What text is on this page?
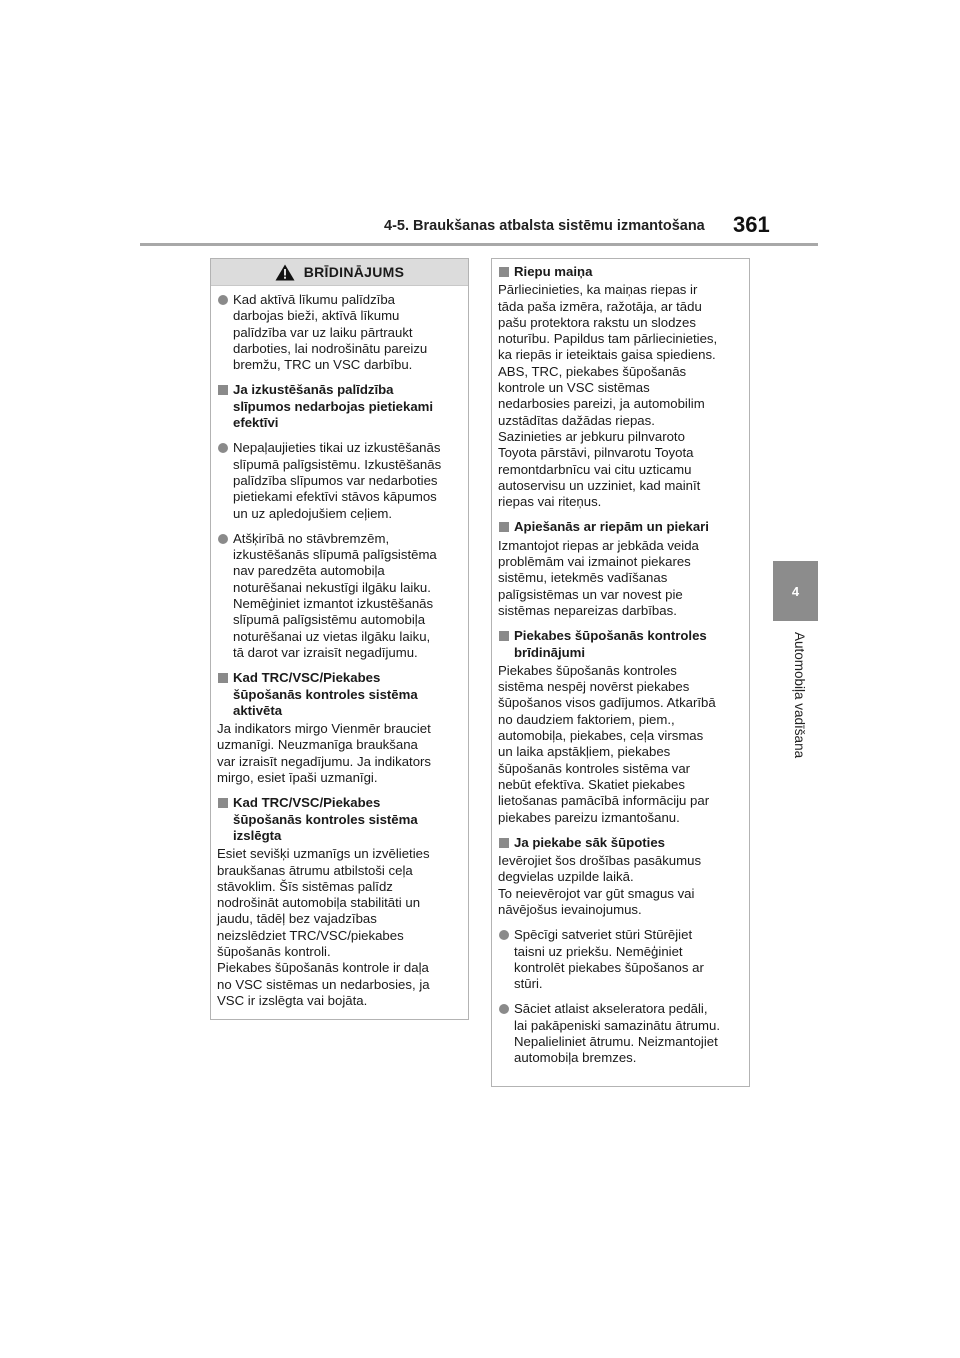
4-5. Braukšanas atbalsta sistēmu izmantošana 361
4
Automobiļa vadīšana
BRĪDINĀJUMS
Kad aktīvā līkumu palīdzība
darbojas bieži, aktīvā līkumu
palīdzība var uz laiku pārtraukt
darboties, lai nodrošinātu pareizu
bremžu, TRC un VSC darbību.
Ja izkustēšanās palīdzība
slīpumos nedarbojas pietiekami
efektīvi
Nepaļaujieties tikai uz izkustēšanās
slīpumā palīgsistēmu. Izkustēšanās
palīdzība slīpumos var nedarboties
pietiekami efektīvi stāvos kāpumos
un uz apledojušiem ceļiem.
Atšķirībā no stāvbremzēm,
izkustēšanās slīpumā palīgsistēma
nav paredzēta automobiļa
noturēšanai nekustīgi ilgāku laiku.
Nemēģiniet izmantot izkustēšanās
slīpumā palīgsistēmu automobiļa
noturēšanai uz vietas ilgāku laiku,
tā darot var izraisīt negadījumu.
Kad TRC/VSC/Piekabes
šūpošanās kontroles sistēma
aktivēta
Ja indikators mirgo Vienmēr brauciet
uzmanīgi. Neuzmanīga braukšana
var izraisīt negadījumu. Ja indikators
mirgo, esiet īpaši uzmanīgi.
Kad TRC/VSC/Piekabes
šūpošanās kontroles sistēma
izslēgta
Esiet sevišķi uzmanīgs un izvēlieties
braukšanas ātrumu atbilstoši ceļa
stāvoklim. Šīs sistēmas palīdz
nodrošināt automobiļa stabilitāti un
jaudu, tādēļ bez vajadzības
neizslēdziet TRC/VSC/piekabes
šūpošanās kontroli.
Piekabes šūpošanās kontrole ir daļa
no VSC sistēmas un nedarbosies, ja
VSC ir izslēgta vai bojāta.
Riepu maiņa
Pārliecinieties, ka maiņas riepas ir
tāda paša izmēra, ražotāja, ar tādu
pašu protektora rakstu un slodzes
noturību. Papildus tam pārliecinieties,
ka riepās ir ieteiktais gaisa spiediens.
ABS, TRC, piekabes šūpošanās
kontrole un VSC sistēmas
nedarbosies pareizi, ja automobilim
uzstādītas dažādas riepas.
Sazinieties ar jebkuru pilnvaroto
Toyota pārstāvi, pilnvarotu Toyota
remontdarbnīcu vai citu uzticamu
autoservisu un uzziniet, kad mainīt
riepas vai riteņus.
Apiešanās ar riepām un piekari
Izmantojot riepas ar jebkāda veida
problēmām vai izmainot piekares
sistēmu, ietekmēs vadīšanas
palīgsistēmas un var novest pie
sistēmas nepareizas darbības.
Piekabes šūpošanās kontroles
brīdinājumi
Piekabes šūpošanās kontroles
sistēma nespēj novērst piekabes
šūpošanos visos gadījumos. Atkarībā
no daudziem faktoriem, piem.,
automobiļa, piekabes, ceļa virsmas
un laika apstākļiem, piekabes
šūpošanās kontroles sistēma var
nebūt efektīva. Skatiet piekabes
lietošanas pamācībā informāciju par
piekabes pareizu izmantošanu.
Ja piekabe sāk šūpoties
Ievērojiet šos drošības pasākumus
degvielas uzpilde laikā.
To neievērojot var gūt smagus vai
nāvējošus ievainojumus.
Spēcīgi satveriet stūri Stūrējiet
taisni uz priekšu. Nemēģiniet
kontrolēt piekabes šūpošanos ar
stūri.
Sāciet atlaist akseleratora pedāli,
lai pakāpeniski samazinātu ātrumu.
Nepalieliniet ātrumu. Neizmantojiet
automobiļa bremzes.
